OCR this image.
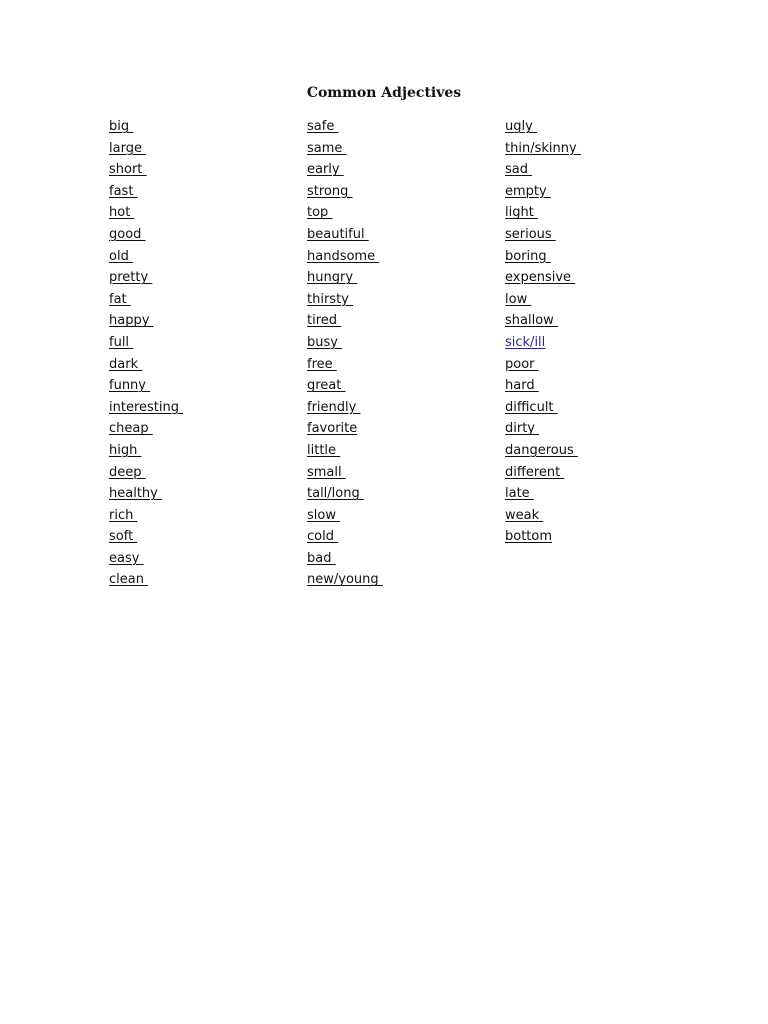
Common Adjectives
big
large
short
fast
hot
good
old
pretty
fat
happy
full
dark
funny
interesting
cheap
high
deep
healthy
rich
soft
easy
clean
safe
same
early
strong
top
beautiful
handsome
hungry
thirsty
tired
busy
free
great
friendly
favorite
little
small
tall/long
slow
cold
bad
new/young
ugly
thin/skinny
sad
empty
light
serious
boring
expensive
low
shallow
sick/ill
poor
hard
difficult
dirty
dangerous
different
late
weak
bottom
